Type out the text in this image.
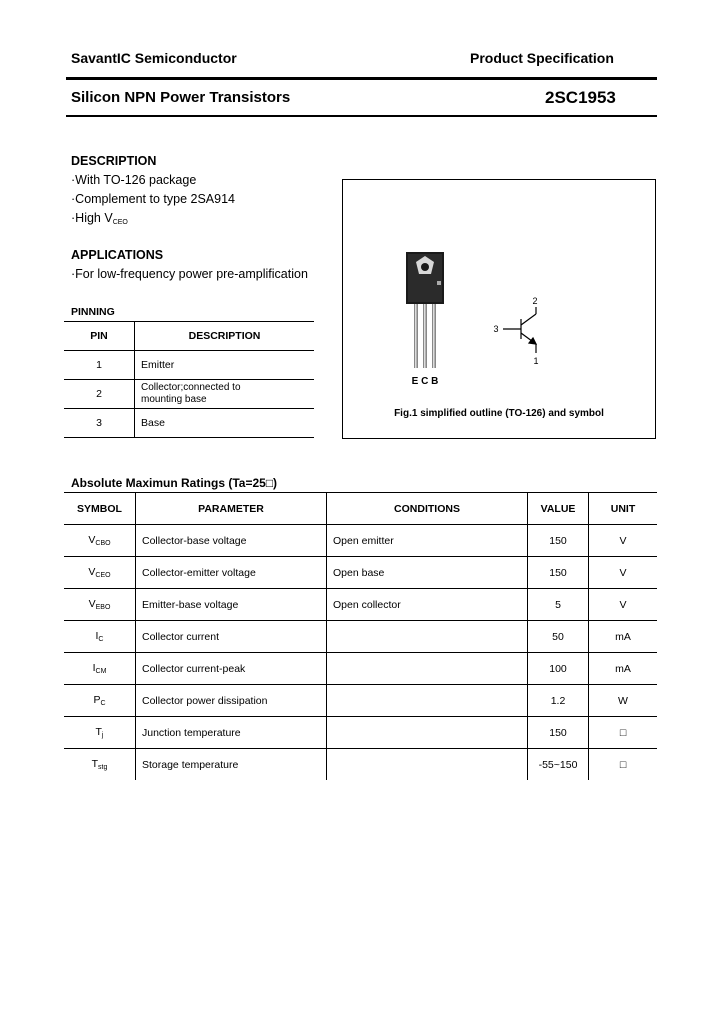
SavantIC Semiconductor	Product Specification
Silicon NPN Power Transistors	2SC1953
DESCRIPTION
·With TO-126 package
·Complement to type 2SA914
·High $V_{CEO}$
APPLICATIONS
·For low-frequency power pre-amplification
PINNING
PIN	DESCRIPTION
1	Emitter
2	Collector;connected to
mounting base
3	Base
E C B
2
3
1
Fig.1 simplified outline (TO-126) and symbol
Absolute Maximun Ratings (Ta=25□)
SYMBOL	PARAMETER	CONDITIONS	VALUE	UNIT
$V_{CBO}$	Collector-base voltage	Open emitter	150	V
$V_{CEO}$	Collector-emitter voltage	Open base	150	V
$V_{EBO}$	Emitter-base voltage	Open collector	5	V
$I_C$	Collector current		50	mA
$I_{CM}$	Collector current-peak		100	mA
$P_C$	Collector power dissipation		1.2	W
$T_j$	Junction temperature		150	□
$T_{stg}$	Storage temperature		-55~150	□
